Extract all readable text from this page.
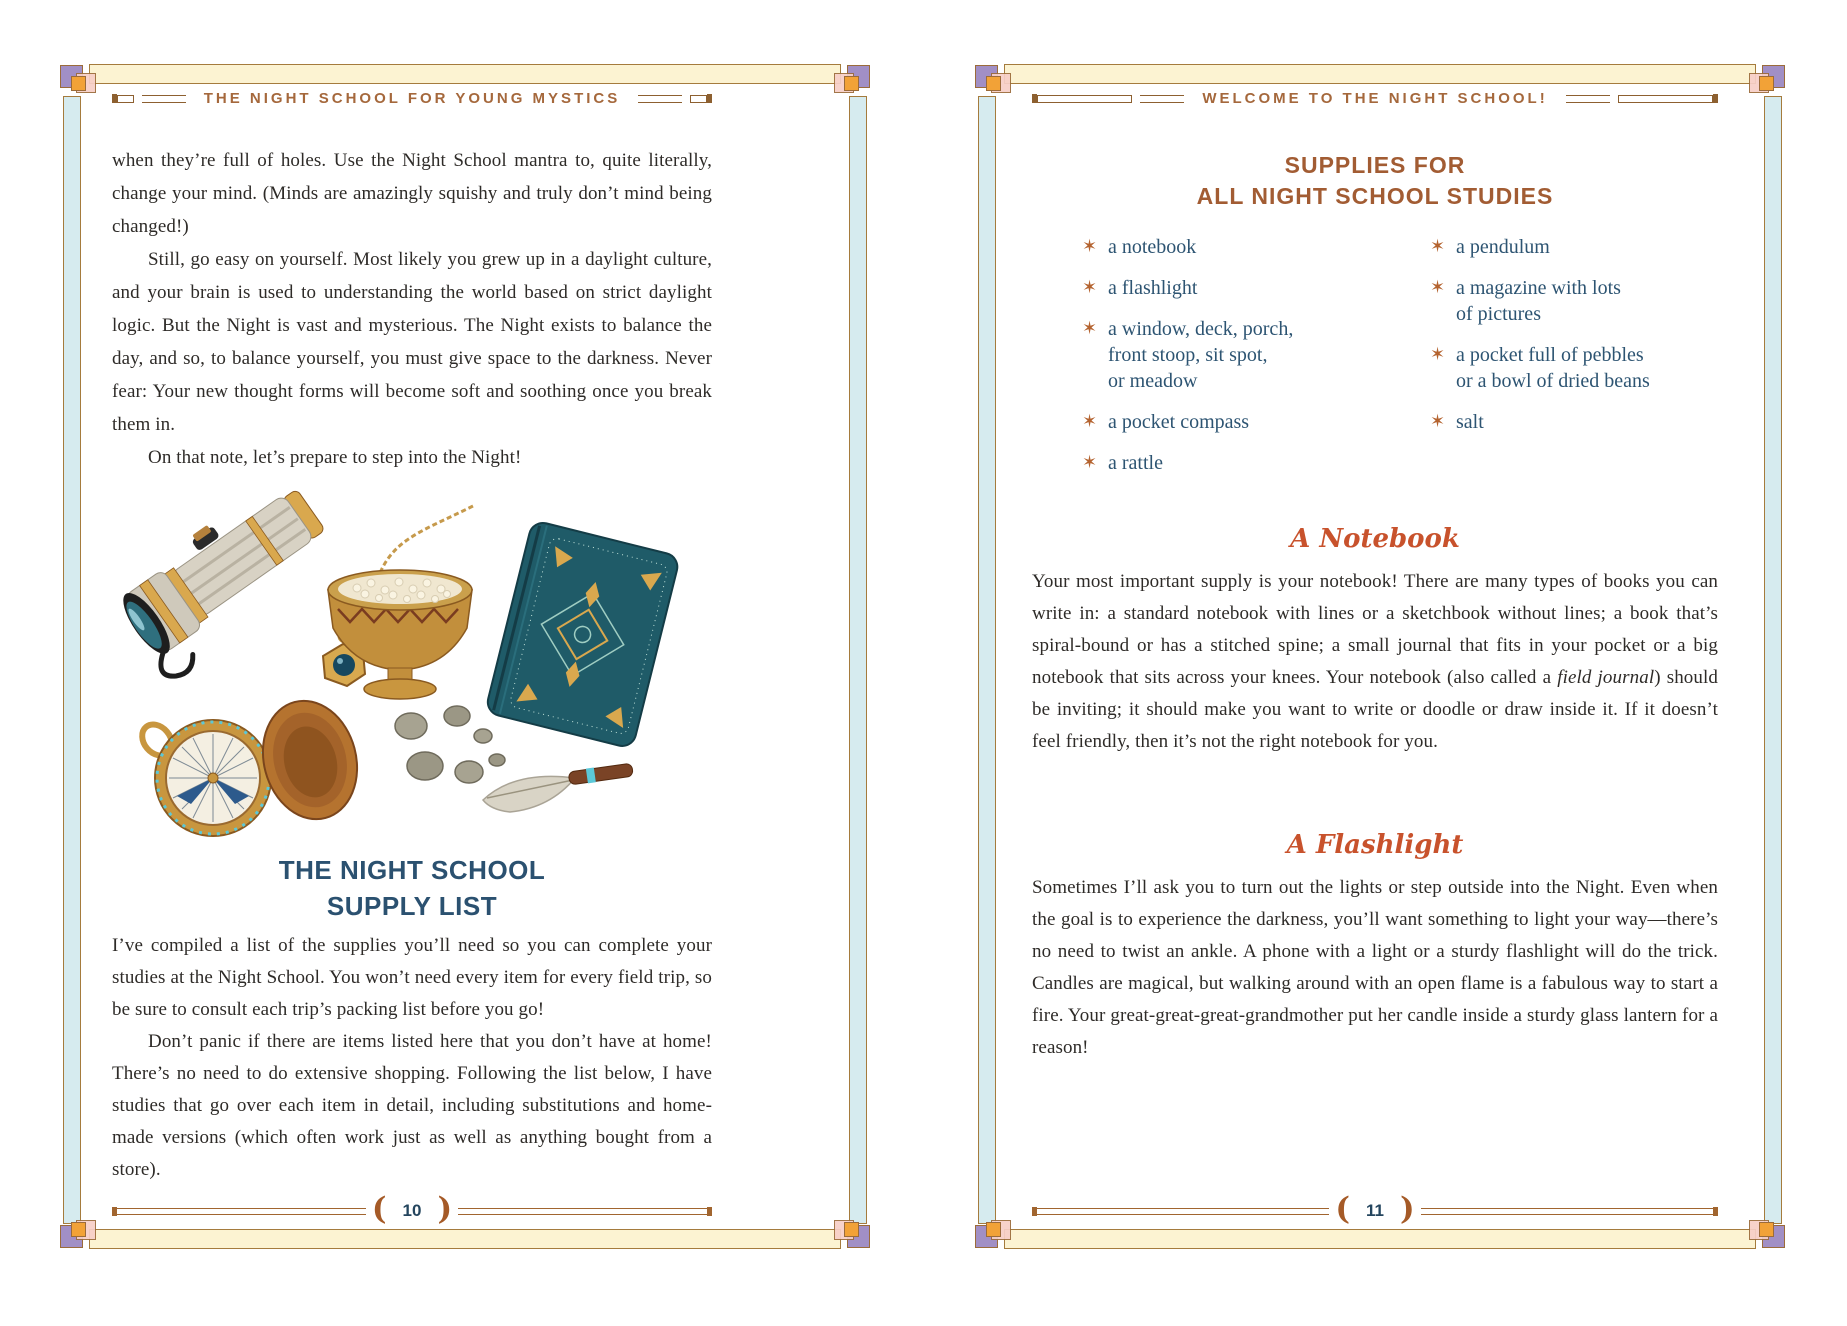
THE NIGHT SCHOOL FOR YOUNG MYSTICS

when they’re full of holes. Use the Night School mantra to, quite literally, change your mind. (Minds are amazingly squishy and truly don’t mind being changed!)

Still, go easy on yourself. Most likely you grew up in a daylight culture, and your brain is used to understanding the world based on strict daylight logic. But the Night is vast and mysterious. The Night exists to balance the day, and so, to balance yourself, you must give space to the darkness. Never fear: Your new thought forms will become soft and soothing once you break them in.

On that note, let’s prepare to step into the Night!

THE NIGHT SCHOOL
SUPPLY LIST

I’ve compiled a list of the supplies you’ll need so you can complete your studies at the Night School. You won’t need every item for every field trip, so be sure to consult each trip’s packing list before you go!

Don’t panic if there are items listed here that you don’t have at home! There’s no need to do extensive shopping. Following the list below, I have studies that go over each item in detail, including substitutions and home-made versions (which often work just as well as anything bought from a store).

( 10 )
WELCOME TO THE NIGHT SCHOOL!
SUPPLIES FOR
ALL NIGHT SCHOOL STUDIES
✶ a notebook
✶ a flashlight
✶ a window, deck, porch,
front stoop, sit spot,
or meadow
✶ a pocket compass
✶ a rattle
✶ a pendulum
✶ a magazine with lots
of pictures
✶ a pocket full of pebbles
or a bowl of dried beans
✶ salt
A Notebook

Your most important supply is your notebook! There are many types of books you can write in: a standard notebook with lines or a sketchbook without lines; a book that’s spiral-bound or has a stitched spine; a small journal that fits in your pocket or a big notebook that sits across your knees. Your notebook (also called a field journal) should be inviting; it should make you want to write or doodle or draw inside it. If it doesn’t feel friendly, then it’s not the right notebook for you.

A Flashlight

Sometimes I’ll ask you to turn out the lights or step outside into the Night. Even when the goal is to experience the darkness, you’ll want something to light your way—there’s no need to twist an ankle. A phone with a light or a sturdy flashlight will do the trick. Candles are magical, but walking around with an open flame is a fabulous way to start a fire. Your great-great-great-grandmother put her candle inside a sturdy glass lantern for a reason!

( 11 )
